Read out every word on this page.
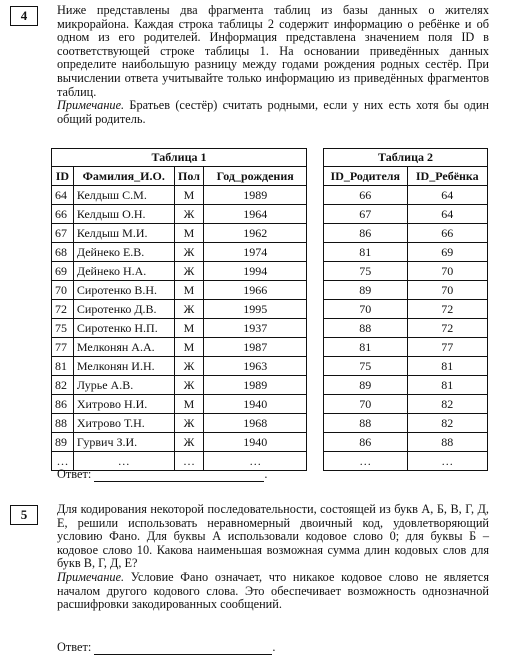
4	Ниже представлены два фрагмента таблиц из базы данных о жителях микрорайона. Каждая строка таблицы 2 содержит информацию о ребёнке и об одном из его родителей. Информация представлена значением поля ID в соответствующей строке таблицы 1. На основании приведённых данных определите наибольшую разницу между годами рождения родных сестёр. При вычислении ответа учитывайте только информацию из приведённых фрагментов таблиц.

Примечание. Братьев (сестёр) считать родными, если у них есть хотя бы один общий родитель.

Таблица 1			
ID	Фамилия_И.О.	Пол	Год_рождения
64	Келдыш С.М.	М	1989
66	Келдыш О.Н.	Ж	1964
67	Келдыш М.И.	М	1962
68	Дейнеко Е.В.	Ж	1974
69	Дейнеко Н.А.	Ж	1994
70	Сиротенко В.Н.	М	1966
72	Сиротенко Д.В.	Ж	1995
75	Сиротенко Н.П.	М	1937
77	Мелконян А.А.	М	1987
81	Мелконян И.Н.	Ж	1963
82	Лурье А.В.	Ж	1989
86	Хитрово Н.И.	М	1940
88	Хитрово Т.Н.	Ж	1968
89	Гурвич З.И.	Ж	1940
…	…	…	…
Таблица 2	
ID_Родителя	ID_Ребёнка
66	64
67	64
86	66
81	69
75	70
89	70
70	72
88	72
81	77
75	81
89	81
70	82
88	82
86	88
…	…
Ответ:	.
5	Для кодирования некоторой последовательности, состоящей из букв А, Б, В, Г, Д, Е, решили использовать неравномерный двоичный код, удовлетворяющий условию Фано. Для буквы А использовали кодовое слово 0; для буквы Б – кодовое слово 10. Какова наименьшая возможная сумма длин кодовых слов для букв В, Г, Д, Е?

Примечание. Условие Фано означает, что никакое кодовое слово не является началом другого кодового слова. Это обеспечивает возможность однозначной расшифровки закодированных сообщений.

Ответ:	.
